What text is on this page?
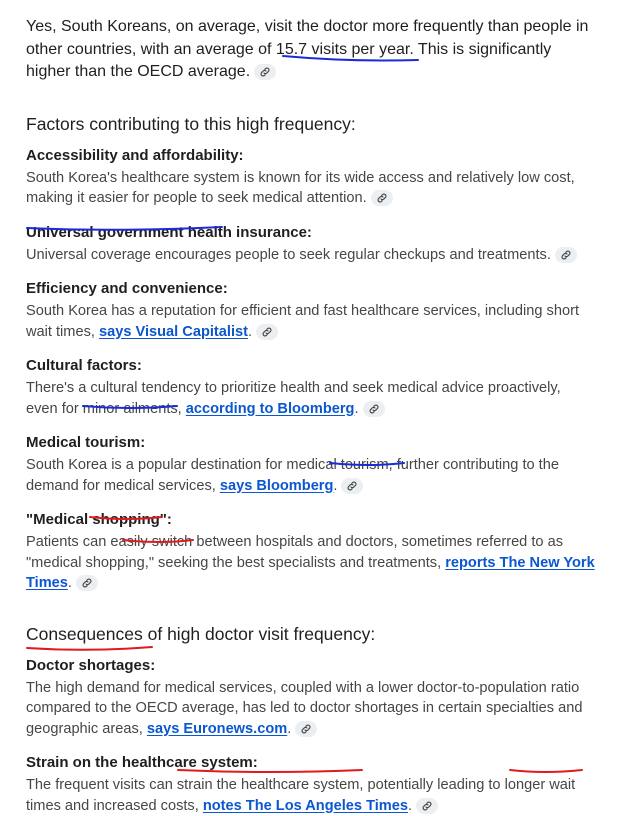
Yes, South Koreans, on average, visit the doctor more frequently than people in other countries, with an average of 15.7 visits per year. This is significantly higher than the OECD average.

Factors contributing to this high frequency:
Accessibility and affordability:
South Korea's healthcare system is known for its wide access and relatively low cost, making it easier for people to seek medical attention.
Universal government health insurance:
Universal coverage encourages people to seek regular checkups and treatments.
Efficiency and convenience:
South Korea has a reputation for efficient and fast healthcare services, including short wait times, says Visual Capitalist.
Cultural factors:
There's a cultural tendency to prioritize health and seek medical advice proactively, even for minor ailments, according to Bloomberg.
Medical tourism:
South Korea is a popular destination for medical tourism, further contributing to the demand for medical services, says Bloomberg.
"Medical shopping":
Patients can easily switch between hospitals and doctors, sometimes referred to as "medical shopping," seeking the best specialists and treatments, reports The New York Times.
Consequences of high doctor visit frequency:
Doctor shortages:
The high demand for medical services, coupled with a lower doctor-to-population ratio compared to the OECD average, has led to doctor shortages in certain specialties and geographic areas, says Euronews.com.
Strain on the healthcare system:
The frequent visits can strain the healthcare system, potentially leading to longer wait times and increased costs, notes The Los Angeles Times.
